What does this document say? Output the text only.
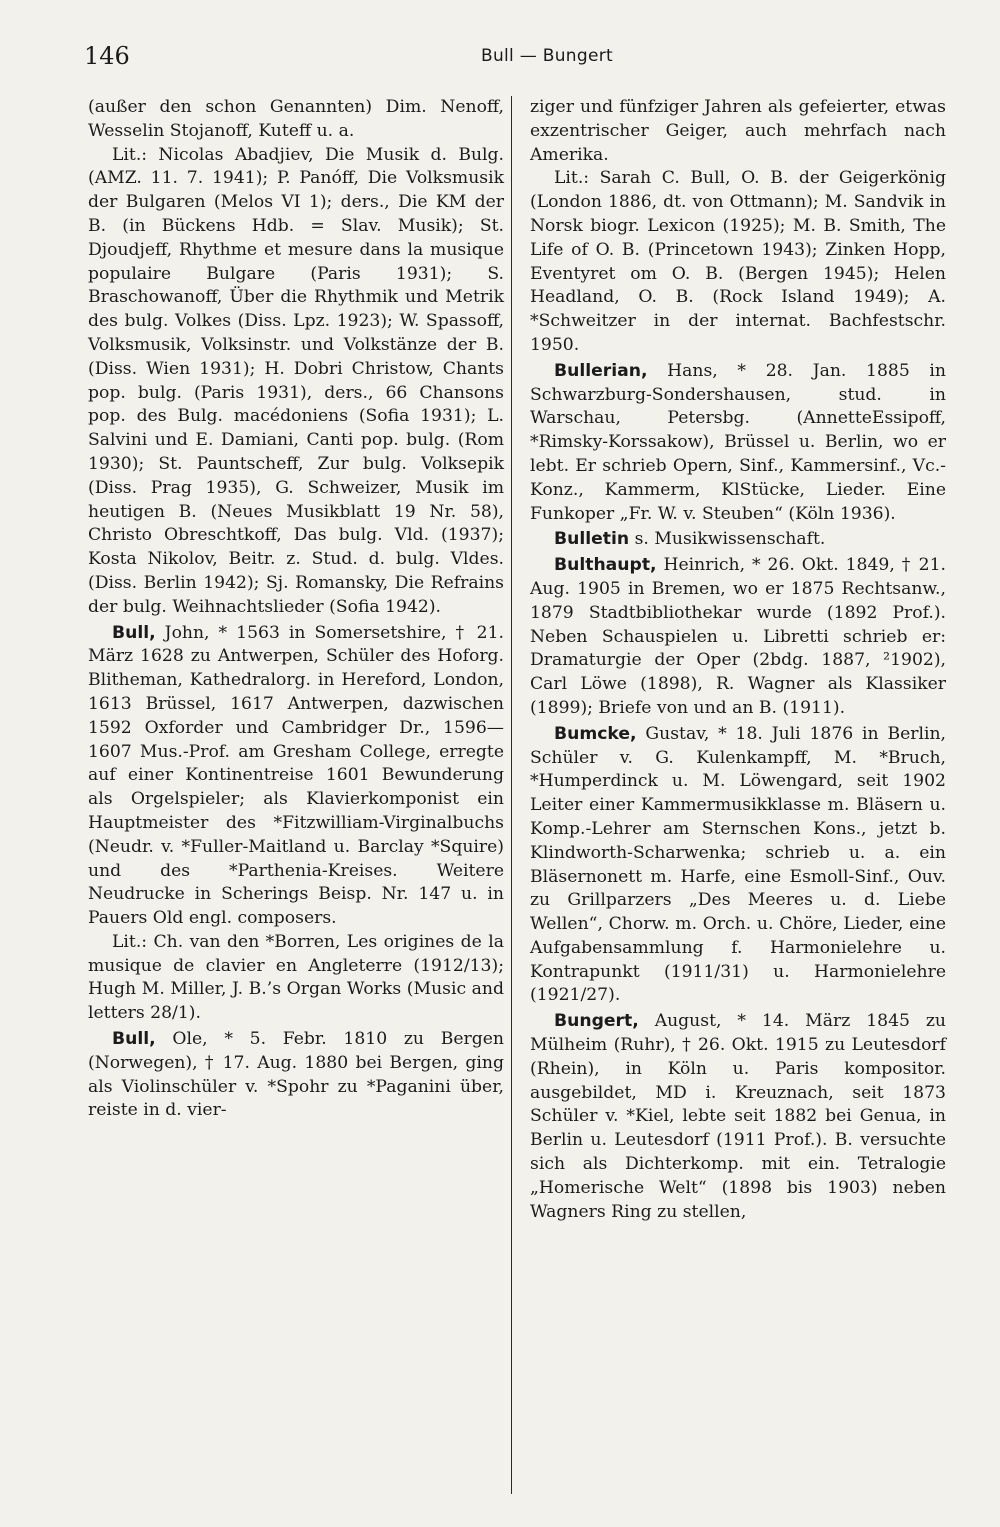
146	Bull — Bungert

(außer den schon Genannten) Dim. Nenoff, Wesselin Stojanoff, Kuteff u. a.

Lit.: Nicolas Abadjiev, Die Musik d. Bulg. (AMZ. 11. 7. 1941); P. Panóff, Die Volksmusik der Bulgaren (Melos VI 1); ders., Die KM der B. (in Bückens Hdb. = Slav. Musik); St. Djoudjeff, Rhythme et mesure dans la musique populaire Bulgare (Paris 1931); S. Braschowanoff, Über die Rhythmik und Metrik des bulg. Volkes (Diss. Lpz. 1923); W. Spassoff, Volksmusik, Volksinstr. und Volkstänze der B. (Diss. Wien 1931); H. Dobri Christow, Chants pop. bulg. (Paris 1931), ders., 66 Chansons pop. des Bulg. macédoniens (Sofia 1931); L. Salvini und E. Damiani, Canti pop. bulg. (Rom 1930); St. Pauntscheff, Zur bulg. Volksepik (Diss. Prag 1935), G. Schweizer, Musik im heutigen B. (Neues Musikblatt 19 Nr. 58), Christo Obreschtkoff, Das bulg. Vld. (1937); Kosta Nikolov, Beitr. z. Stud. d. bulg. Vldes. (Diss. Berlin 1942); Sj. Romansky, Die Refrains der bulg. Weihnachtslieder (Sofia 1942).

Bull, John, * 1563 in Somersetshire, † 21. März 1628 zu Antwerpen, Schüler des Hoforg. Blitheman, Kathedralorg. in Hereford, London, 1613 Brüssel, 1617 Antwerpen, dazwischen 1592 Oxforder und Cambridger Dr., 1596—1607 Mus.-Prof. am Gresham College, erregte auf einer Kontinentreise 1601 Bewunderung als Orgelspieler; als Klavierkomponist ein Hauptmeister des *Fitzwilliam-Virginalbuchs (Neudr. v. *Fuller-Maitland u. Barclay *Squire) und des *Parthenia-Kreises. Weitere Neudrucke in Scherings Beisp. Nr. 147 u. in Pauers Old engl. composers.

Lit.: Ch. van den *Borren, Les origines de la musique de clavier en Angleterre (1912/13); Hugh M. Miller, J. B.’s Organ Works (Music and letters 28/1).

Bull, Ole, * 5. Febr. 1810 zu Bergen (Norwegen), † 17. Aug. 1880 bei Bergen, ging als Violinschüler v. *Spohr zu *Paganini über, reiste in d. vier-

ziger und fünfziger Jahren als gefeierter, etwas exzentrischer Geiger, auch mehrfach nach Amerika.

Lit.: Sarah C. Bull, O. B. der Geigerkönig (London 1886, dt. von Ottmann); M. Sandvik in Norsk biogr. Lexicon (1925); M. B. Smith, The Life of O. B. (Princetown 1943); Zinken Hopp, Eventyret om O. B. (Bergen 1945); Helen Headland, O. B. (Rock Island 1949); A. *Schweitzer in der internat. Bachfestschr. 1950.

Bullerian, Hans, * 28. Jan. 1885 in Schwarzburg-Sondershausen, stud. in Warschau, Petersbg. (AnnetteEssipoff, *Rimsky-Korssakow), Brüssel u. Berlin, wo er lebt. Er schrieb Opern, Sinf., Kammersinf., Vc.-Konz., Kammerm, KlStücke, Lieder. Eine Funkoper „Fr. W. v. Steuben“ (Köln 1936).

Bulletin s. Musikwissenschaft.

Bulthaupt, Heinrich, * 26. Okt. 1849, † 21. Aug. 1905 in Bremen, wo er 1875 Rechtsanw., 1879 Stadtbibliothekar wurde (1892 Prof.). Neben Schauspielen u. Libretti schrieb er: Dramaturgie der Oper (2bdg. 1887, ²1902), Carl Löwe (1898), R. Wagner als Klassiker (1899); Briefe von und an B. (1911).

Bumcke, Gustav, * 18. Juli 1876 in Berlin, Schüler v. G. Kulenkampff, M. *Bruch, *Humperdinck u. M. Löwengard, seit 1902 Leiter einer Kammermusikklasse m. Bläsern u. Komp.-Lehrer am Sternschen Kons., jetzt b. Klindworth-Scharwenka; schrieb u. a. ein Bläsernonett m. Harfe, eine Esmoll-Sinf., Ouv. zu Grillparzers „Des Meeres u. d. Liebe Wellen“, Chorw. m. Orch. u. Chöre, Lieder, eine Aufgabensammlung f. Harmonielehre u. Kontrapunkt (1911/31) u. Harmonielehre (1921/27).

Bungert, August, * 14. März 1845 zu Mülheim (Ruhr), † 26. Okt. 1915 zu Leutesdorf (Rhein), in Köln u. Paris kompositor. ausgebildet, MD i. Kreuznach, seit 1873 Schüler v. *Kiel, lebte seit 1882 bei Genua, in Berlin u. Leutesdorf (1911 Prof.). B. versuchte sich als Dichterkomp. mit ein. Tetralogie „Homerische Welt“ (1898 bis 1903) neben Wagners Ring zu stellen,
